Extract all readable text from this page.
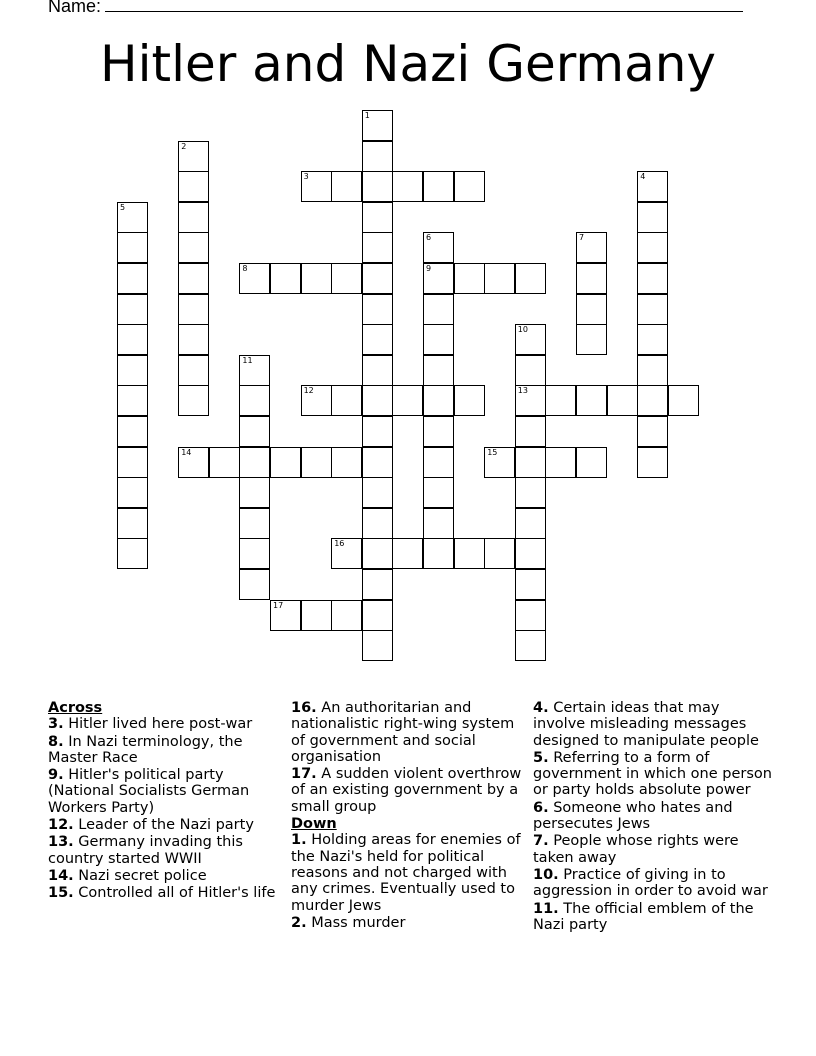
Name:
Hitler and Nazi Germany
1
2
3	4
5
6
9
7
8
10
13
11
12
14	15
16
17
Across
3. Hitler lived here post-war
8. In Nazi terminology, the Master Race
9. Hitler's political party (National Socialists German Workers Party)
12. Leader of the Nazi party
13. Germany invading this country started WWII
14. Nazi secret police
15. Controlled all of Hitler's life
16. An authoritarian and nationalistic right-wing system of government and social organisation
17. A sudden violent overthrow of an existing government by a small group
Down
1. Holding areas for enemies of the Nazi's held for political reasons and not charged with any crimes. Eventually used to murder Jews
2. Mass murder
4. Certain ideas that may involve misleading messages designed to manipulate people
5. Referring to a form of government in which one person or party holds absolute power
6. Someone who hates and persecutes Jews
7. People whose rights were taken away
10. Practice of giving in to aggression in order to avoid war
11. The official emblem of the Nazi party
